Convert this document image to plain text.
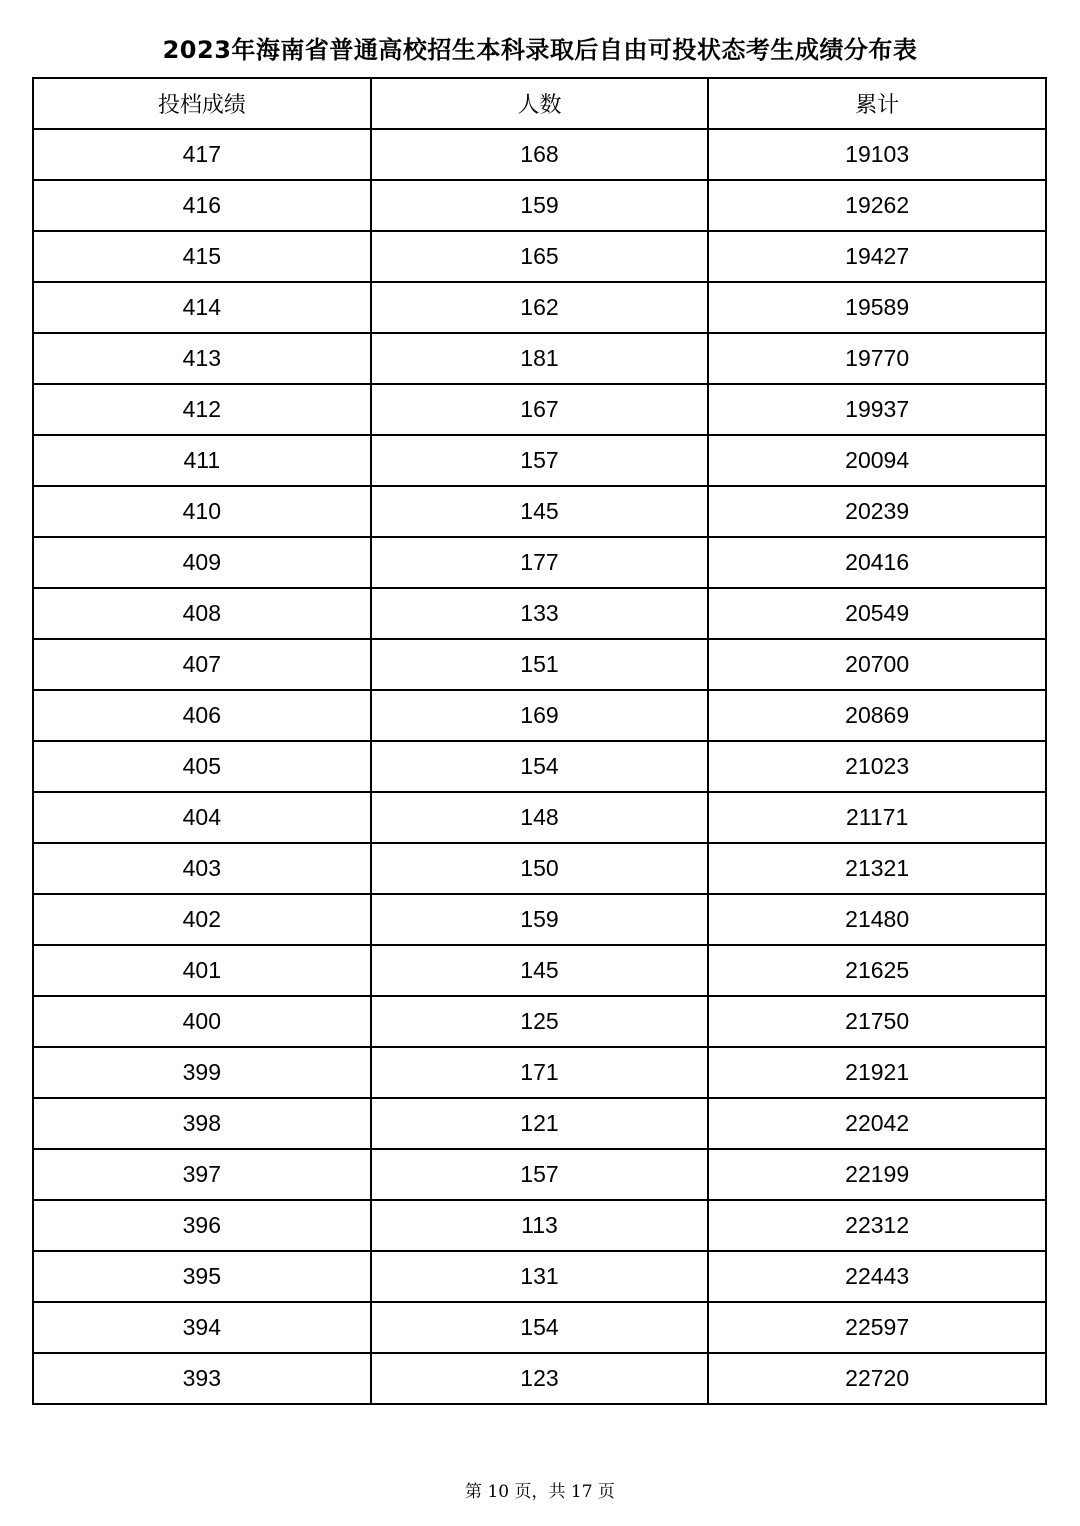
2023年海南省普通高校招生本科录取后自由可投状态考生成绩分布表
投档成绩	人数	累计
417	168	19103
416	159	19262
415	165	19427
414	162	19589
413	181	19770
412	167	19937
411	157	20094
410	145	20239
409	177	20416
408	133	20549
407	151	20700
406	169	20869
405	154	21023
404	148	21171
403	150	21321
402	159	21480
401	145	21625
400	125	21750
399	171	21921
398	121	22042
397	157	22199
396	113	22312
395	131	22443
394	154	22597
393	123	22720
第 10 页，共 17 页
